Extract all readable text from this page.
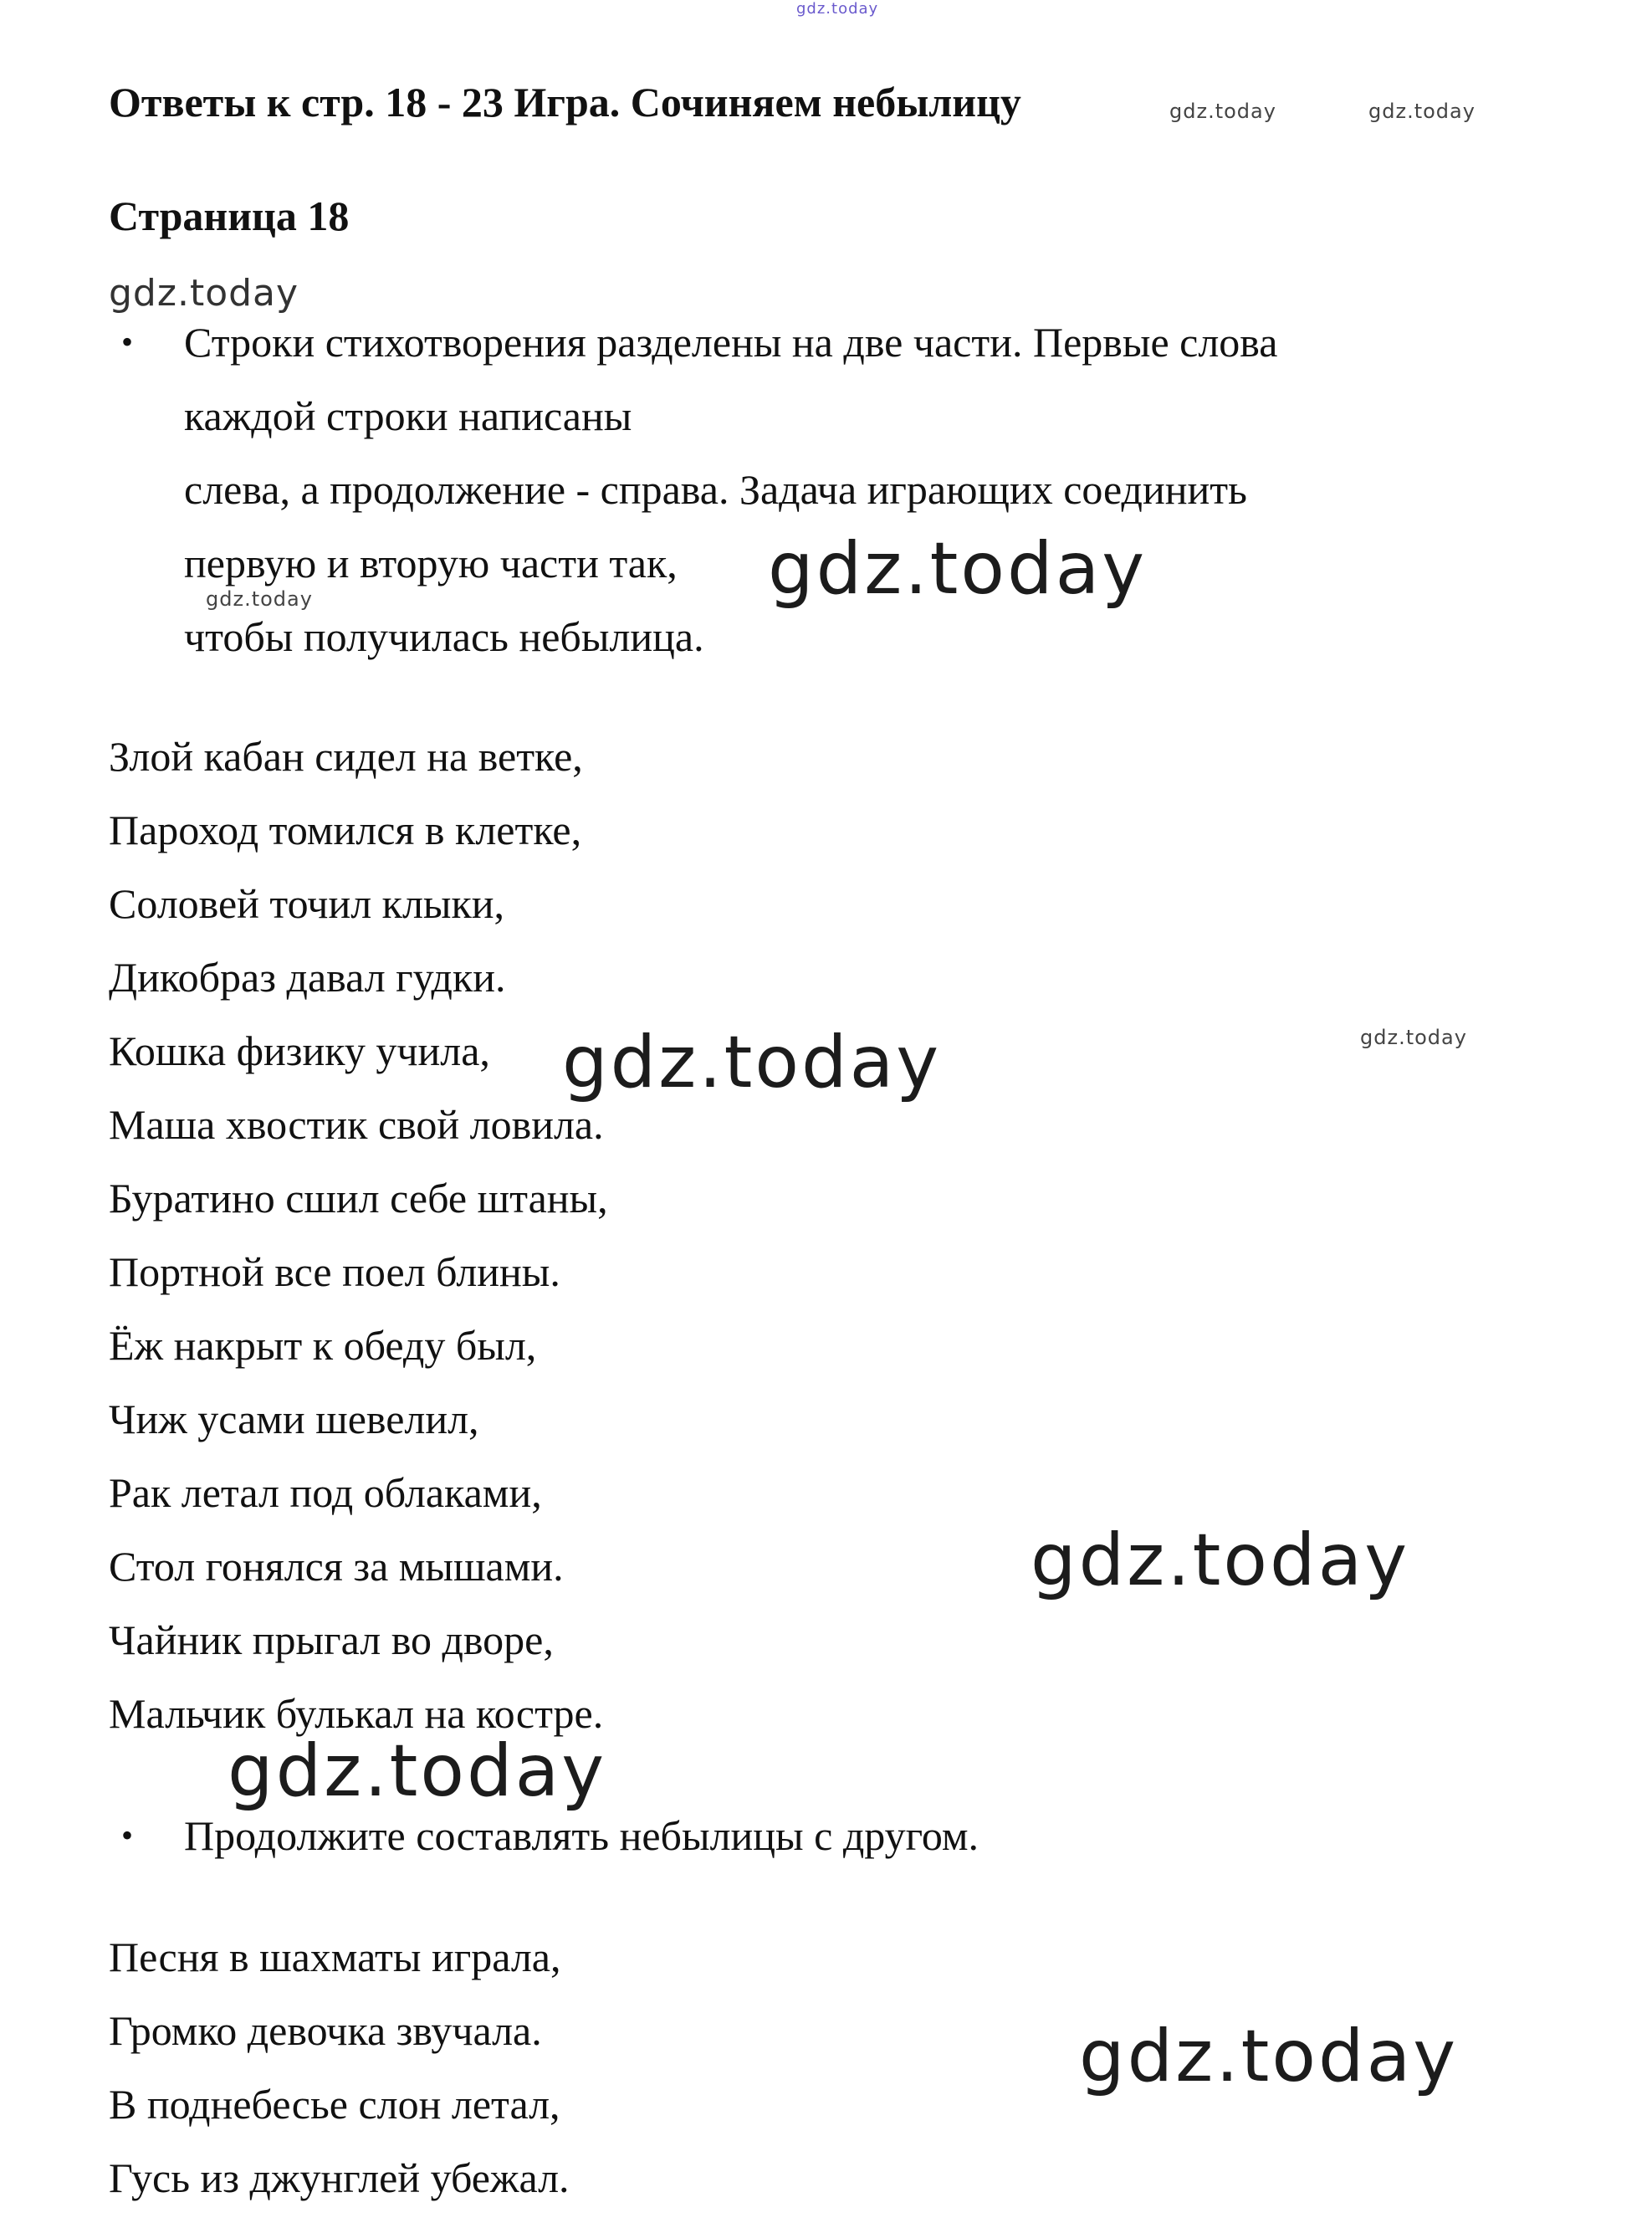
gdz.today
Ответы к стр. 18 - 23 Игра. Сочиняем небылицу	gdz.today	gdz.today
Страница 18
gdz.today
• Строки стихотворения разделены на две части. Первые слова
каждой строки написаны
слева, а продолжение - справа. Задача играющих соединить
первую и вторую части так,
чтобы получилась небылица.
gdz.today
gdz.today
Злой кабан сидел на ветке,
Пароход томился в клетке,
Соловей точил клыки,
Дикобраз давал гудки.
Кошка физику учила,
Маша хвостик свой ловила.
Буратино сшил себе штаны,
Портной все поел блины.
Ёж накрыт к обеду был,
Чиж усами шевелил,
Рак летал под облаками,
Стол гонялся за мышами.
Чайник прыгал во дворе,
Мальчик булькал на костре.
gdz.today	gdz.today
gdz.today
gdz.today
• Продолжите составлять небылицы с другом.
Песня в шахматы играла,
Громко девочка звучала.
В поднебесье слон летал,
Гусь из джунглей убежал.
gdz.today
